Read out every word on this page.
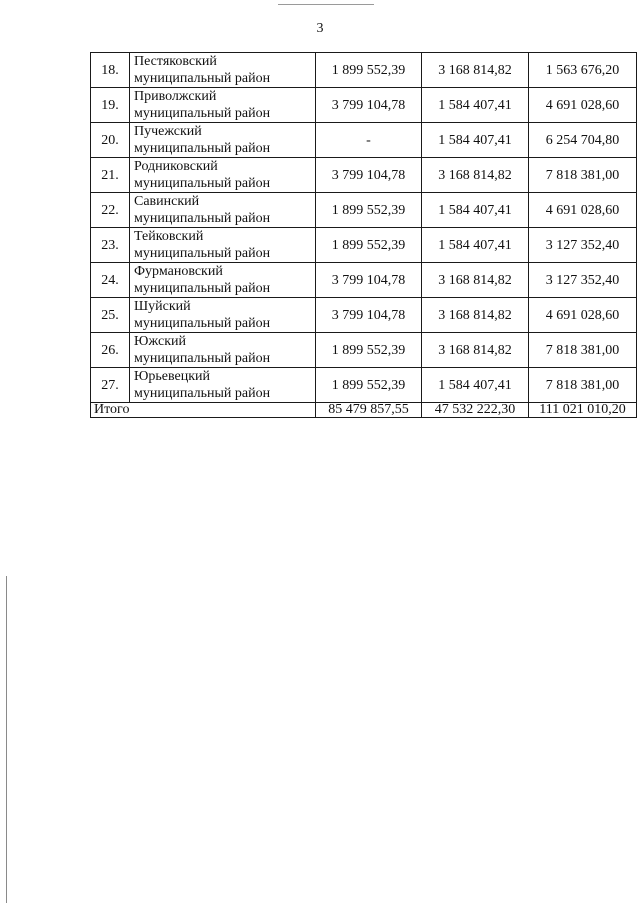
3
18.	Пестяковский
муниципальный район	1 899 552,39	3 168 814,82	1 563 676,20
19.	Приволжский
муниципальный район	3 799 104,78	1 584 407,41	4 691 028,60
20.	Пучежский
муниципальный район	-	1 584 407,41	6 254 704,80
21.	Родниковский
муниципальный район	3 799 104,78	3 168 814,82	7 818 381,00
22.	Савинский
муниципальный район	1 899 552,39	1 584 407,41	4 691 028,60
23.	Тейковский
муниципальный район	1 899 552,39	1 584 407,41	3 127 352,40
24.	Фурмановский
муниципальный район	3 799 104,78	3 168 814,82	3 127 352,40
25.	Шуйский
муниципальный район	3 799 104,78	3 168 814,82	4 691 028,60
26.	Южский
муниципальный район	1 899 552,39	3 168 814,82	7 818 381,00
27.	Юрьевецкий
муниципальный район	1 899 552,39	1 584 407,41	7 818 381,00
Итого		85 479 857,55	47 532 222,30	111 021 010,20
